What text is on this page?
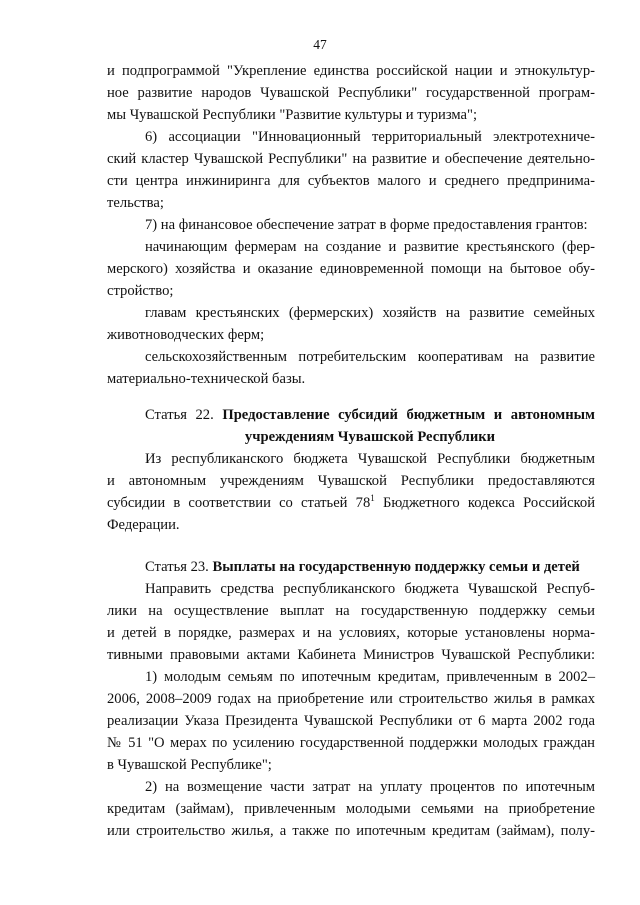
47
и подпрограммой "Укрепление единства российской нации и этнокультур-
ное развитие народов Чувашской Республики" государственной програм-
мы Чувашской Республики "Развитие культуры и туризма";
6) ассоциации "Инновационный территориальный электротехниче-
ский кластер Чувашской Республики" на развитие и обеспечение деятельно-
сти центра инжиниринга для субъектов малого и среднего предпринима-
тельства;
7) на финансовое обеспечение затрат в форме предоставления грантов:
начинающим фермерам на создание и развитие крестьянского (фер-
мерского) хозяйства и оказание единовременной помощи на бытовое обу-
стройство;
главам крестьянских (фермерских) хозяйств на развитие семейных
животноводческих ферм;
сельскохозяйственным потребительским кооперативам на развитие
материально-технической базы.
Статья 22. Предоставление субсидий бюджетным и автономным
учреждениям Чувашской Республики
Из республиканского бюджета Чувашской Республики бюджетным
и автономным учреждениям Чувашской Республики предоставляются
субсидии в соответствии со статьей $78^1$ Бюджетного кодекса Российской
Федерации.
Статья 23. Выплаты на государственную поддержку семьи и детей
Направить средства республиканского бюджета Чувашской Респуб-
лики на осуществление выплат на государственную поддержку семьи
и детей в порядке, размерах и на условиях, которые установлены норма-
тивными правовыми актами Кабинета Министров Чувашской Республики:
1) молодым семьям по ипотечным кредитам, привлеченным в 2002–
2006, 2008–2009 годах на приобретение или строительство жилья в рамках
реализации Указа Президента Чувашской Республики от 6 марта 2002 года
№ 51 "О мерах по усилению государственной поддержки молодых граждан
в Чувашской Республике";
2) на возмещение части затрат на уплату процентов по ипотечным
кредитам (займам), привлеченным молодыми семьями на приобретение
или строительство жилья, а также по ипотечным кредитам (займам), полу-
